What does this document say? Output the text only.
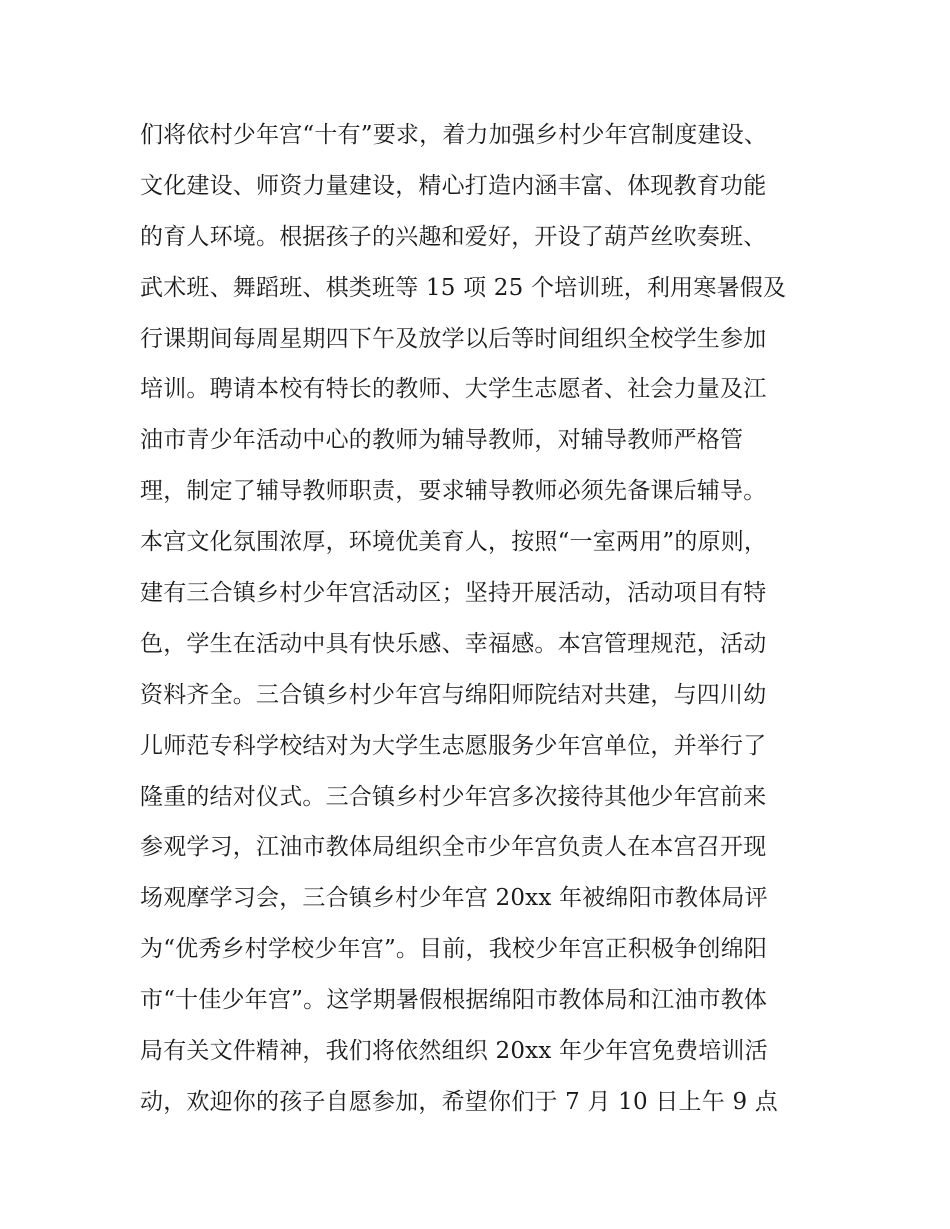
们将依村少年宫“十有”要求，着力加强乡村少年宫制度建设、
文化建设、师资力量建设，精心打造内涵丰富、体现教育功能
的育人环境。根据孩子的兴趣和爱好，开设了葫芦丝吹奏班、
武术班、舞蹈班、棋类班等 15 项 25 个培训班，利用寒暑假及
行课期间每周星期四下午及放学以后等时间组织全校学生参加
培训。聘请本校有特长的教师、大学生志愿者、社会力量及江
油市青少年活动中心的教师为辅导教师，对辅导教师严格管
理，制定了辅导教师职责，要求辅导教师必须先备课后辅导。
本宫文化氛围浓厚，环境优美育人，按照“一室两用”的原则，
建有三合镇乡村少年宫活动区；坚持开展活动，活动项目有特
色，学生在活动中具有快乐感、幸福感。本宫管理规范，活动
资料齐全。三合镇乡村少年宫与绵阳师院结对共建，与四川幼
儿师范专科学校结对为大学生志愿服务少年宫单位，并举行了
隆重的结对仪式。三合镇乡村少年宫多次接待其他少年宫前来
参观学习，江油市教体局组织全市少年宫负责人在本宫召开现
场观摩学习会，三合镇乡村少年宫 20xx 年被绵阳市教体局评
为“优秀乡村学校少年宫”。目前，我校少年宫正积极争创绵阳
市“十佳少年宫”。这学期暑假根据绵阳市教体局和江油市教体
局有关文件精神，我们将依然组织 20xx 年少年宫免费培训活
动，欢迎你的孩子自愿参加，希望你们于 7 月 10 日上午 9 点
